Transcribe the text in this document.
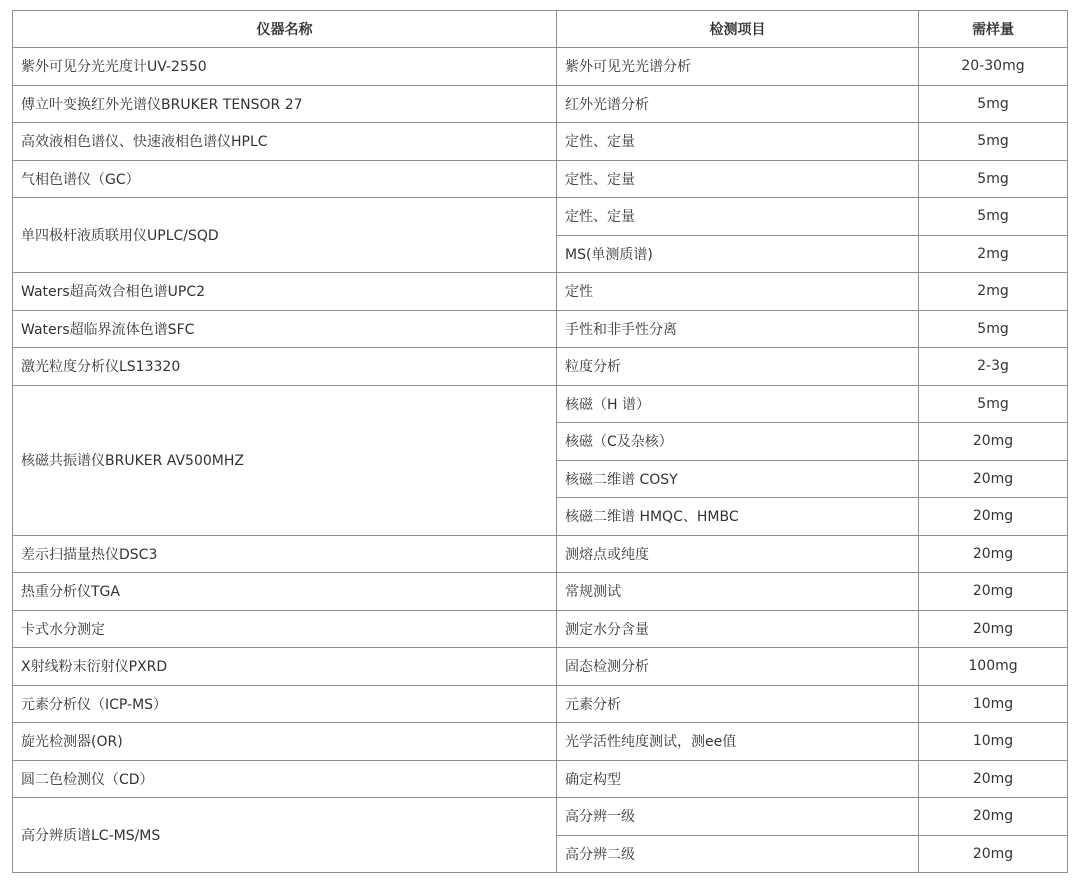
仪器名称	检测项目	需样量
紫外可见分光光度计UV-2550	紫外可见光光谱分析	20-30mg
傅立叶变换红外光谱仪BRUKER TENSOR 27	红外光谱分析	5mg
高效液相色谱仪、快速液相色谱仪HPLC	定性、定量	5mg
气相色谱仪（GC）	定性、定量	5mg
单四极杆液质联用仪UPLC/SQD	定性、定量	5mg
	MS(单测质谱)	2mg
Waters超高效合相色谱UPC2	定性	2mg
Waters超临界流体色谱SFC	手性和非手性分离	5mg
激光粒度分析仪LS13320	粒度分析	2-3g
核磁共振谱仪BRUKER AV500MHZ	核磁（H 谱）	5mg
	核磁（C及杂核）	20mg
	核磁二维谱 COSY	20mg
	核磁二维谱 HMQC、HMBC	20mg
差示扫描量热仪DSC3	测熔点或纯度	20mg
热重分析仪TGA	常规测试	20mg
卡式水分测定	测定水分含量	20mg
X射线粉末衍射仪PXRD	固态检测分析	100mg
元素分析仪（ICP-MS）	元素分析	10mg
旋光检测器(OR)	光学活性纯度测试，测ee值	10mg
圆二色检测仪（CD）	确定构型	20mg
高分辨质谱LC-MS/MS	高分辨一级	20mg
	高分辨二级	20mg
